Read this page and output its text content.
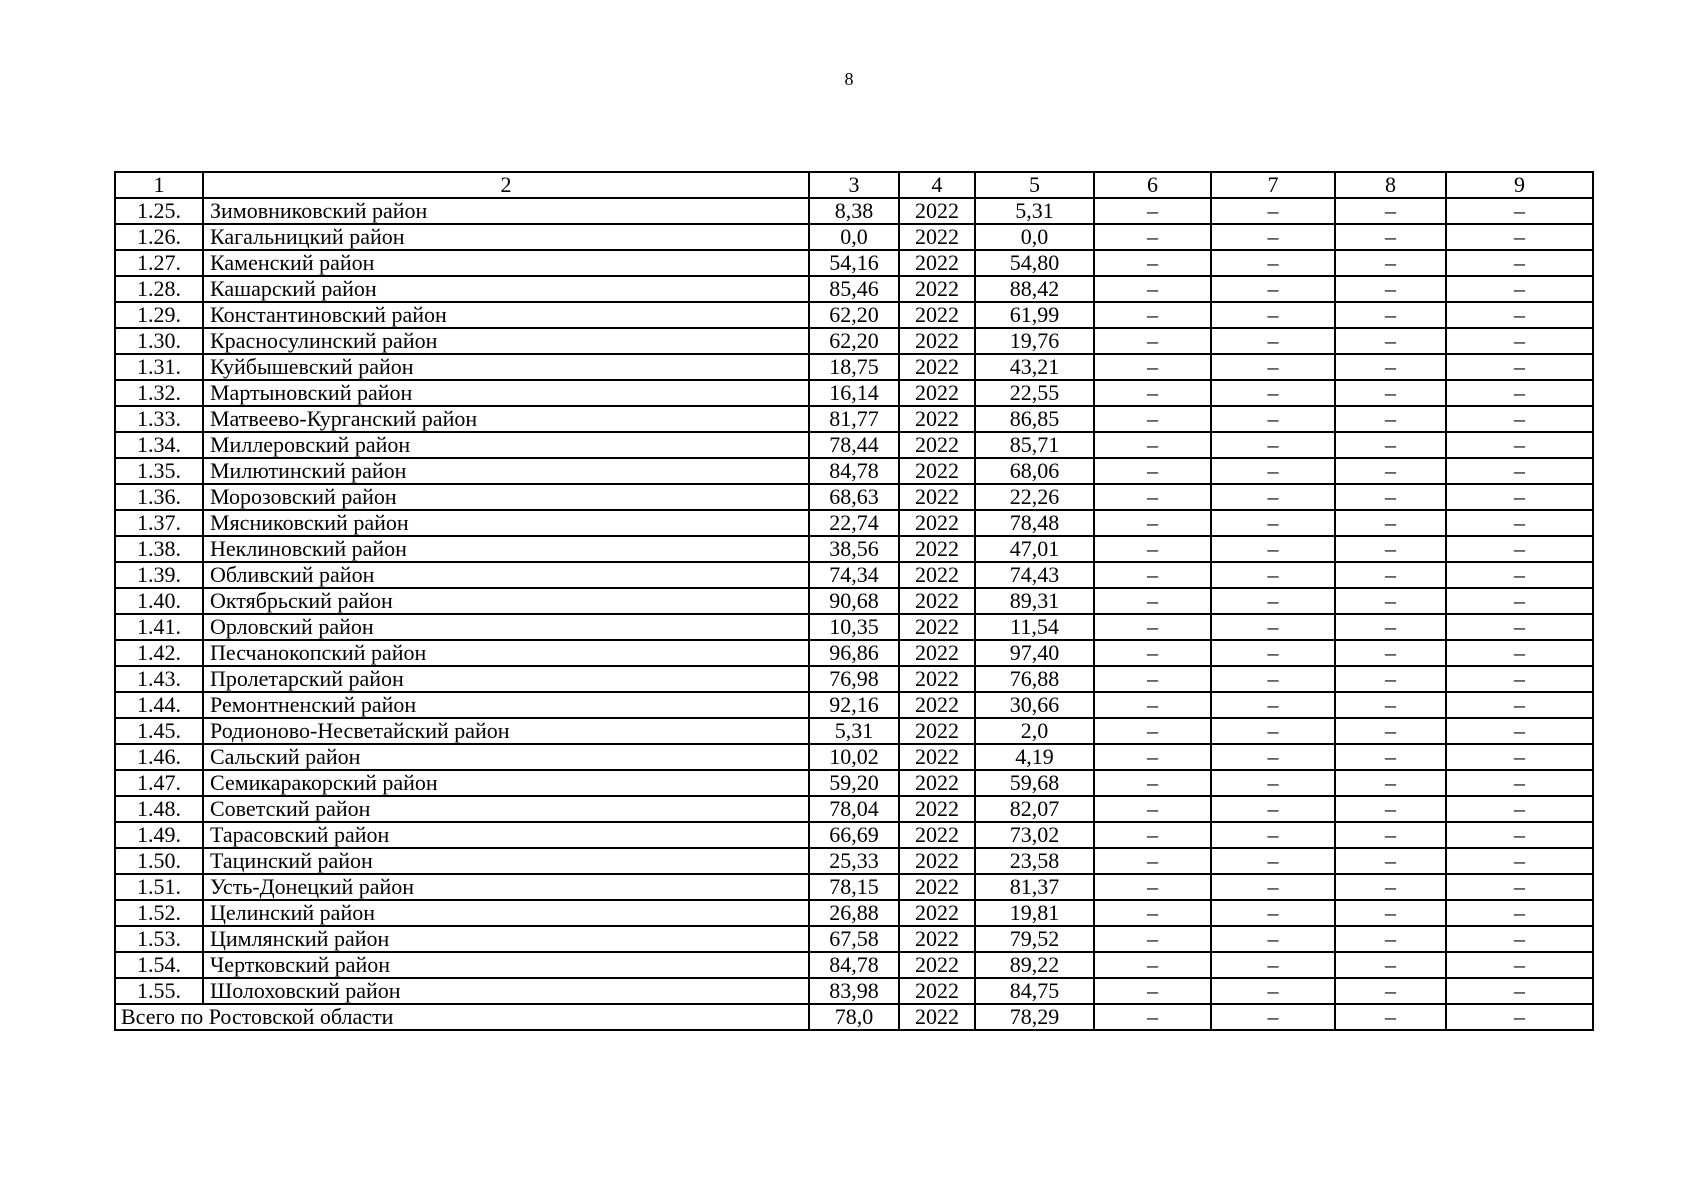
8
1	2	3	4	5	6	7	8	9
1.25.	Зимовниковский район	8,38	2022	5,31	–	–	–	–
1.26.	Кагальницкий район	0,0	2022	0,0	–	–	–	–
1.27.	Каменский район	54,16	2022	54,80	–	–	–	–
1.28.	Кашарский район	85,46	2022	88,42	–	–	–	–
1.29.	Константиновский район	62,20	2022	61,99	–	–	–	–
1.30.	Красносулинский район	62,20	2022	19,76	–	–	–	–
1.31.	Куйбышевский район	18,75	2022	43,21	–	–	–	–
1.32.	Мартыновский район	16,14	2022	22,55	–	–	–	–
1.33.	Матвеево-Курганский район	81,77	2022	86,85	–	–	–	–
1.34.	Миллеровский район	78,44	2022	85,71	–	–	–	–
1.35.	Милютинский район	84,78	2022	68,06	–	–	–	–
1.36.	Морозовский район	68,63	2022	22,26	–	–	–	–
1.37.	Мясниковский район	22,74	2022	78,48	–	–	–	–
1.38.	Неклиновский район	38,56	2022	47,01	–	–	–	–
1.39.	Обливский район	74,34	2022	74,43	–	–	–	–
1.40.	Октябрьский район	90,68	2022	89,31	–	–	–	–
1.41.	Орловский район	10,35	2022	11,54	–	–	–	–
1.42.	Песчанокопский район	96,86	2022	97,40	–	–	–	–
1.43.	Пролетарский район	76,98	2022	76,88	–	–	–	–
1.44.	Ремонтненский район	92,16	2022	30,66	–	–	–	–
1.45.	Родионово-Несветайский район	5,31	2022	2,0	–	–	–	–
1.46.	Сальский район	10,02	2022	4,19	–	–	–	–
1.47.	Семикаракорский район	59,20	2022	59,68	–	–	–	–
1.48.	Советский район	78,04	2022	82,07	–	–	–	–
1.49.	Тарасовский район	66,69	2022	73,02	–	–	–	–
1.50.	Тацинский район	25,33	2022	23,58	–	–	–	–
1.51.	Усть-Донецкий район	78,15	2022	81,37	–	–	–	–
1.52.	Целинский район	26,88	2022	19,81	–	–	–	–
1.53.	Цимлянский район	67,58	2022	79,52	–	–	–	–
1.54.	Чертковский район	84,78	2022	89,22	–	–	–	–
1.55.	Шолоховский район	83,98	2022	84,75	–	–	–	–
Всего по Ростовской области		78,0	2022	78,29	–	–	–	–
